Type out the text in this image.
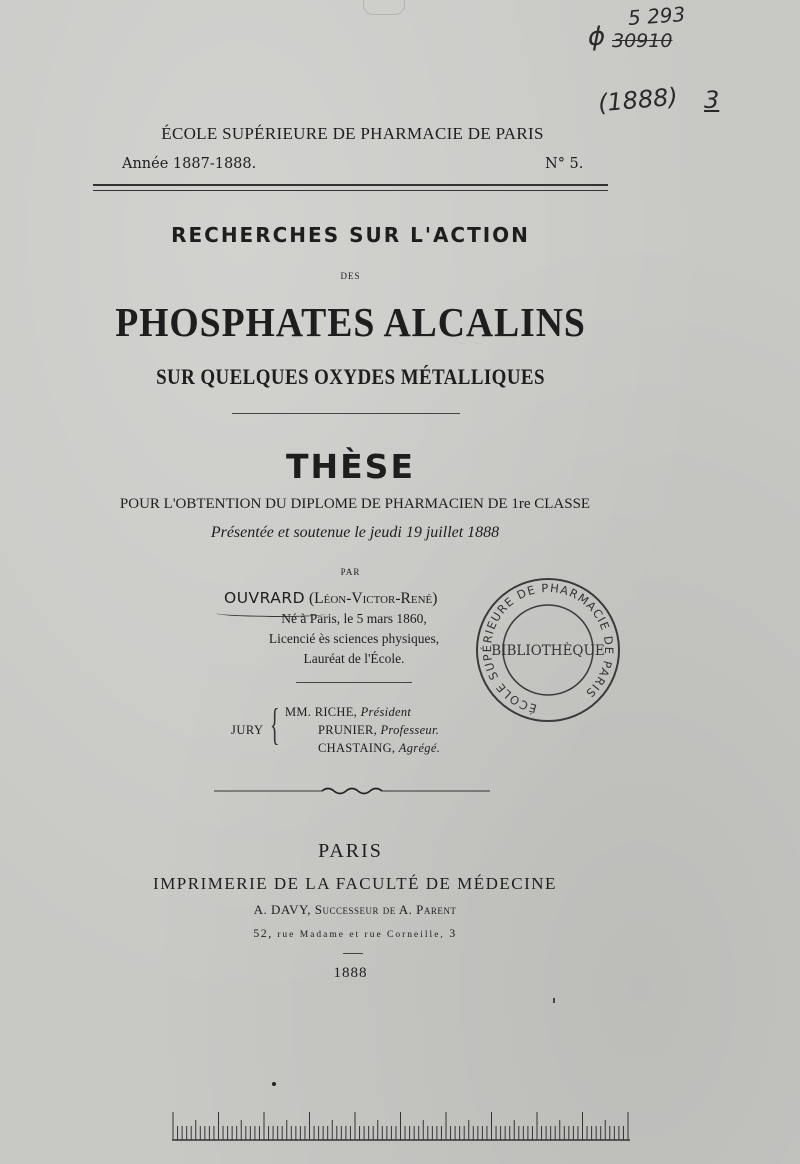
5 293
ɸ 30910
(1888) 3
ÉCOLE SUPÉRIEURE DE PHARMACIE DE PARIS
Année 1887-1888.	N° 5.
RECHERCHES SUR L'ACTION
DES
PHOSPHATES ALCALINS
SUR QUELQUES OXYDES MÉTALLIQUES
THÈSE
POUR L'OBTENTION DU DIPLOME DE PHARMACIEN DE 1re CLASSE
Présentée et soutenue le jeudi 19 juillet 1888
PAR
OUVRARD (Léon-Victor-René)
Né à Paris, le 5 mars 1860,
Licencié ès sciences physiques,
Lauréat de l'École.
JURY { MM. RICHE, Président
PRUNIER, Professeur.
CHASTAING, Agrégé.
ÉCOLE SUPÉRIEURE DE PHARMACIE DE PARIS
BIBLIOTHÈQUE
PARIS
IMPRIMERIE DE LA FACULTÉ DE MÉDECINE
A. DAVY, Successeur de A. Parent
52, rue Madame et rue Corneille, 3
1888
